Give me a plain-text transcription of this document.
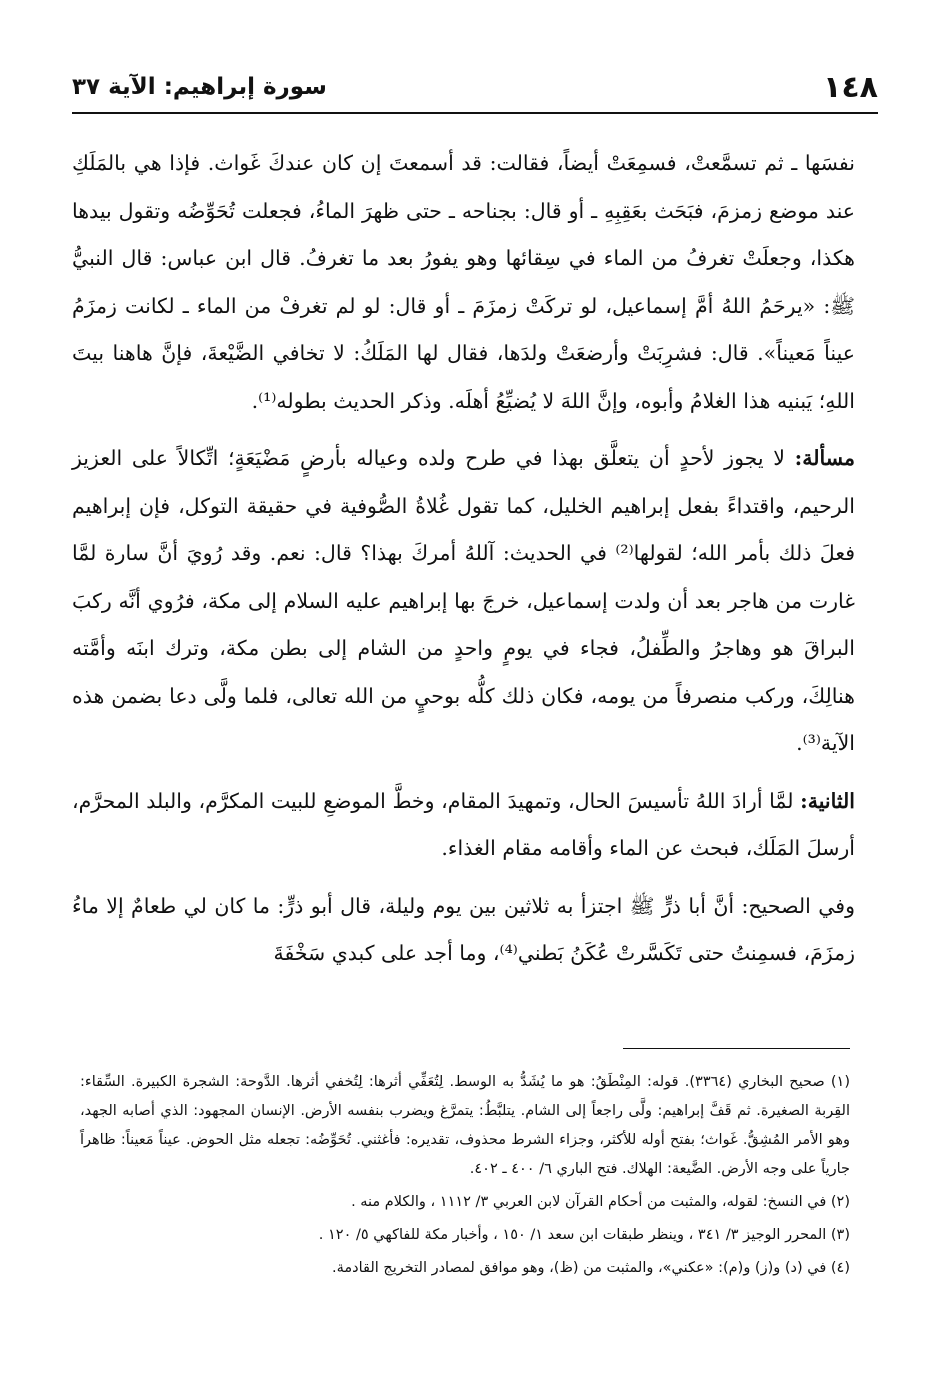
١٤٨
سورة إبراهيم: الآية ٣٧

نفسَها ـ ثم تسمَّعتْ، فسمِعَتْ أيضاً، فقالت: قد أسمعتَ إن كان عندكَ غَواث. فإذا هي بالمَلَكِ عند موضع زمزمَ، فبَحَث بعَقِبِهِ ـ أو قال: بجناحه ـ حتى ظهرَ الماءُ، فجعلت تُحَوِّضُه وتقول بيدها هكذا، وجعلَتْ تغرفُ من الماء في سِقائها وهو يفورُ بعد ما تغرفُ. قال ابن عباس: قال النبيُّ ﷺ: «يرحَمُ اللهُ أمَّ إسماعيل، لو تركَتْ زمزَمَ ـ أو قال: لو لم تغرفْ من الماء ـ لكانت زمزَمُ عيناً مَعيناً». قال: فشرِبَتْ وأرضعَتْ ولدَها، فقال لها المَلَكُ: لا تخافي الضَّيْعةَ، فإنَّ هاهنا بيتَ اللهِ؛ يَبنيه هذا الغلامُ وأبوه، وإنَّ اللهَ لا يُضيِّعُ أهلَه. وذكر الحديث بطوله⁽¹⁾.

مسألة: لا يجوز لأحدٍ أن يتعلَّق بهذا في طرح ولده وعياله بأرضٍ مَضْيَعَةٍ؛ اتِّكالاً على العزيز الرحيم، واقتداءً بفعل إبراهيم الخليل، كما تقول غُلاةُ الصُّوفية في حقيقة التوكل، فإن إبراهيم فعلَ ذلك بأمر الله؛ لقولها⁽²⁾ في الحديث: آللهُ أمركَ بهذا؟ قال: نعم. وقد رُويَ أنَّ سارة لمَّا غارت من هاجر بعد أن ولدت إسماعيل، خرجَ بها إبراهيم عليه السلام إلى مكة، فرُوي أنَّه ركبَ البراقَ هو وهاجرُ والطِّفلُ، فجاء في يومٍ واحدٍ من الشام إلى بطن مكة، وترك ابنَه وأمَّته هنالِكَ، وركب منصرفاً من يومه، فكان ذلك كلُّه بوحيٍ من الله تعالى، فلما ولَّى دعا بضمن هذه الآية⁽³⁾.

الثانية: لمَّا أرادَ اللهُ تأسيسَ الحال، وتمهيدَ المقام، وخطَّ الموضعِ للبيت المكرَّم، والبلد المحرَّم، أرسلَ المَلَك، فبحث عن الماء وأقامه مقام الغذاء.

وفي الصحيح: أنَّ أبا ذرٍّ ﷺ اجتزأ به ثلاثين بين يوم وليلة، قال أبو ذرٍّ: ما كان لي طعامٌ إلا ماءُ زمزَمَ، فسمِنتُ حتى تَكَسَّرتْ عُكَنُ بَطني⁽⁴⁾، وما أجد على كبدي سَخْفَةَ

(١) صحيح البخاري (٣٣٦٤). قوله: المِنْطَقُ: هو ما يُشَدُّ به الوسط. لِتُعَفِّي أثرها: لِتُخفي أثرها. الدَّوحة: الشجرة الكبيرة. السِّقاء: القِربة الصغيرة. ثم قَفَّ إبراهيم: ولَّى راجعاً إلى الشام. يتلبَّطُ: يتمرَّغ ويضرب بنفسه الأرض. الإنسان المجهود: الذي أصابه الجهد، وهو الأمر المُشِقُّ. غَواث؛ بفتح أوله للأكثر، وجزاء الشرط محذوف، تقديره: فأغثني. تُحَوِّضُه: تجعله مثل الحوض. عيناً مَعيناً: ظاهراً جارياً على وجه الأرض. الضَّيعة: الهلاك. فتح الباري ٦/ ٤٠٠ ـ ٤٠٢.

(٢) في النسخ: لقوله، والمثبت من أحكام القرآن لابن العربي ٣/ ١١١٢ ، والكلام منه .

(٣) المحرر الوجيز ٣/ ٣٤١ ، وينظر طبقات ابن سعد ١/ ١٥٠ ، وأخبار مكة للفاكهي ٥/ ١٢٠ .

(٤) في (د) و(ز) و(م): «عكني»، والمثبت من (ظ)، وهو موافق لمصادر التخريج القادمة.
